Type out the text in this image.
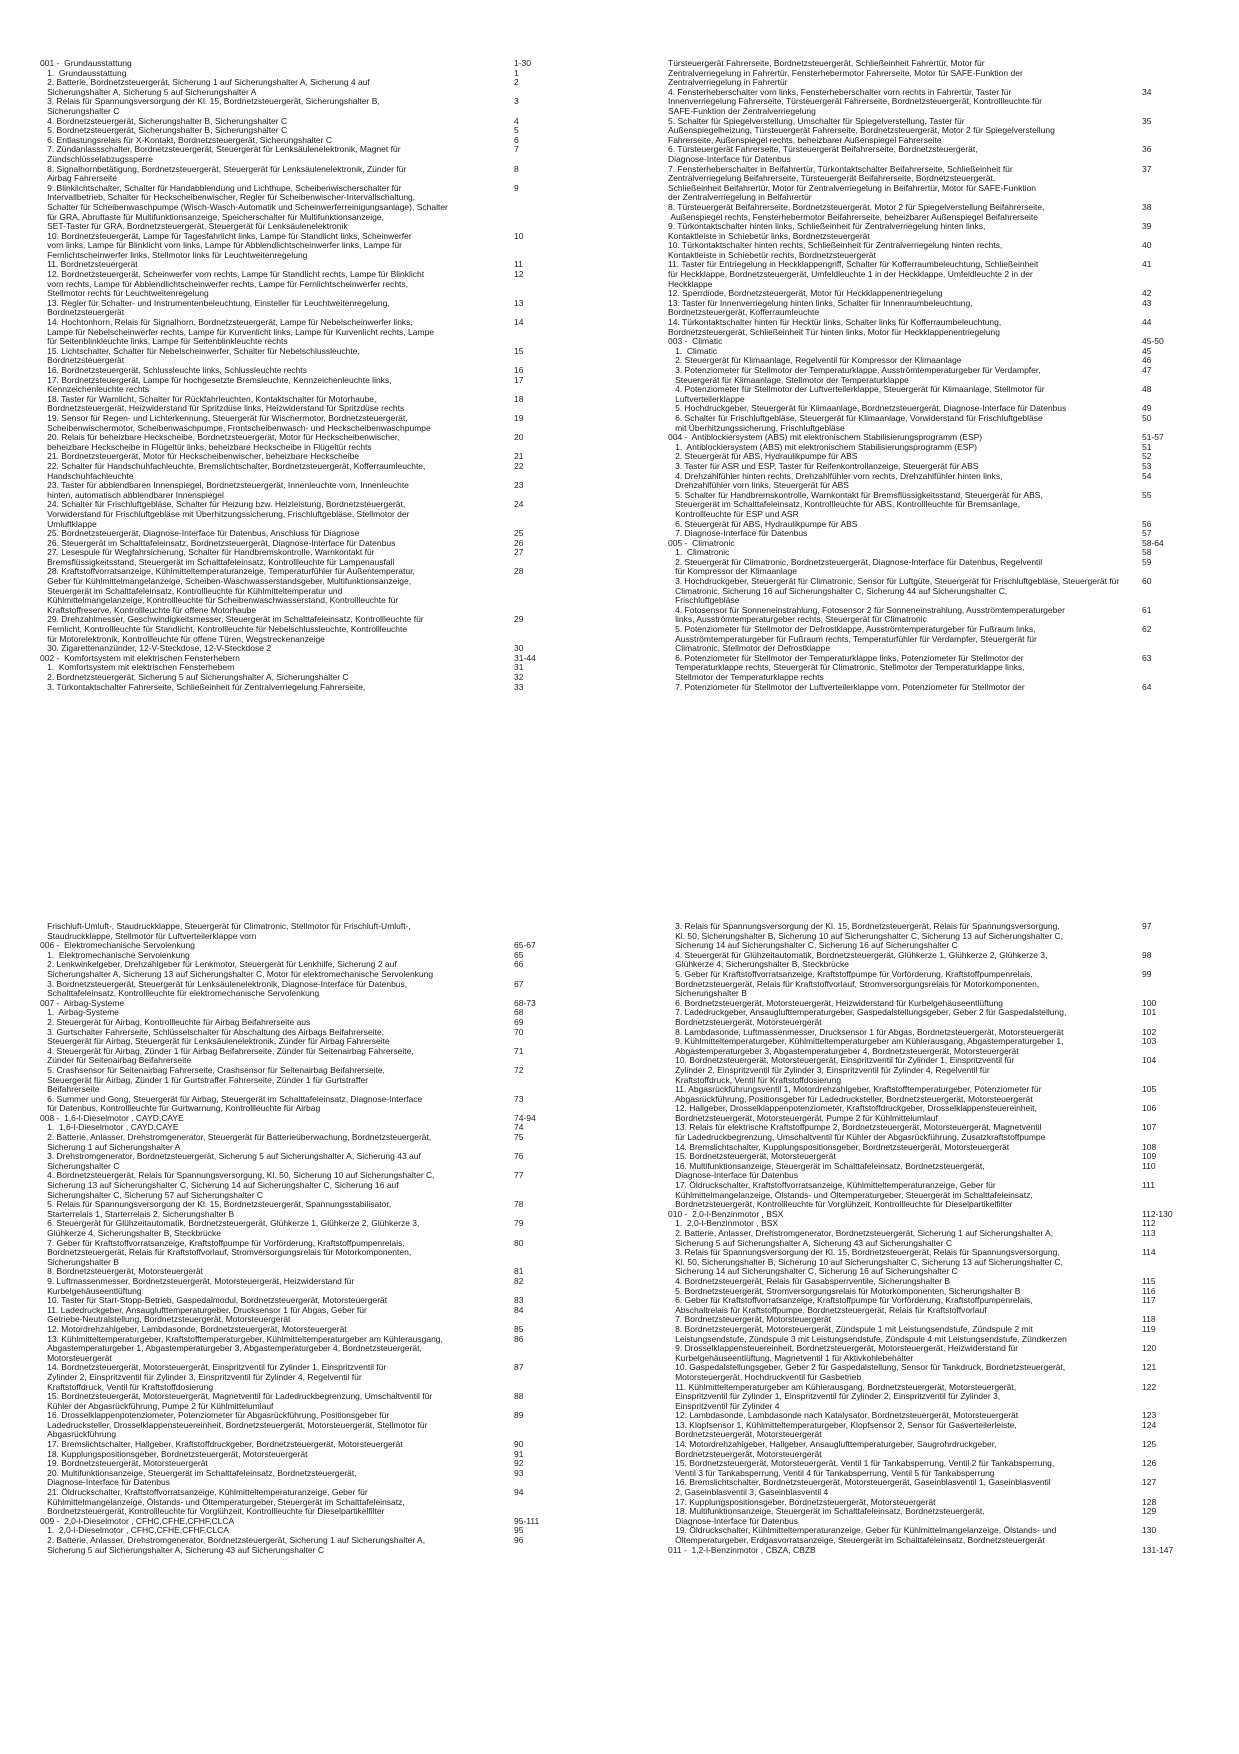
001 -  Grundausstattung	1-30
1.  Grundausstattung	1
2. Batterie, Bordnetzsteuergerät, Sicherung 1 auf Sicherungshalter A, Sicherung 4 auf	2
Sicherungshalter A, Sicherung 5 auf Sicherungshalter A
3. Relais für Spannungsversorgung der Kl. 15, Bordnetzsteuergerät, Sicherungshalter B,	3
Sicherungshalter C
4. Bordnetzsteuergerät, Sicherungshalter B, Sicherungshalter C	4
5. Bordnetzsteuergerät, Sicherungshalter B, Sicherungshalter C	5
6. Entlastungsrelais für X-Kontakt, Bordnetzsteuergerät, Sicherungshalter C	6
7. Zündanlassschalter, Bordnetzsteuergerät, Steuergerät für Lenksäulenelektronik, Magnet für	7
Zündschlüsselabzugssperre
8. Signalhornbetätigung, Bordnetzsteuergerät, Steuergerät für Lenksäulenelektronik, Zünder für	8
Airbag Fahrerseite
9. Blinklichtschalter, Schalter für Handabblendung und Lichthupe, Scheibenwischerschalter für	9
Intervallbetrieb, Schalter für Heckscheibenwischer, Regler für Scheibenwischer-Intervallschaltung,
Schalter für Scheibenwaschpumpe (Wisch-Wasch-Automatik und Scheinwerferreinigungsanlage), Schalter
für GRA, Abruftaste für Multifunktionsanzeige, Speicherschalter für Multifunktionsanzeige,
SET-Taster für GRA, Bordnetzsteuergerät, Steuergerät für Lenksäulenelektronik
10. Bordnetzsteuergerät, Lampe für Tagesfahrlicht links, Lampe für Standlicht links, Scheinwerfer	10
vorn links, Lampe für Blinklicht vorn links, Lampe für Abblendlichtscheinwerfer links, Lampe für
Fernlichtscheinwerfer links, Stellmotor links für Leuchtweitenregelung
11. Bordnetzsteuergerät	11
12. Bordnetzsteuergerät, Scheinwerfer vorn rechts, Lampe für Standlicht rechts, Lampe für Blinklicht	12
vorn rechts, Lampe für Abblendlichtscheinwerfer rechts, Lampe für Fernlichtscheinwerfer rechts,
Stellmotor rechts für Leuchtweitenregelung
13. Regler für Schalter- und Instrumentenbeleuchtung, Einsteller für Leuchtweitenregelung,	13
Bordnetzsteuergerät
14. Hochtonhorn, Relais für Signalhorn, Bordnetzsteuergerät, Lampe für Nebelscheinwerfer links,	14
Lampe für Nebelscheinwerfer rechts, Lampe für Kurvenlicht links, Lampe für Kurvenlicht rechts, Lampe
für Seitenblinkleuchte links, Lampe für Seitenblinkleuchte rechts
15. Lichtschalter, Schalter für Nebelscheinwerfer, Schalter für Nebelschlussleuchte,	15
Bordnetzsteuergerät
16. Bordnetzsteuergerät, Schlussleuchte links, Schlussleuchte rechts	16
17. Bordnetzsteuergerät, Lampe für hochgesetzte Bremsleuchte, Kennzeichenleuchte links,	17
Kennzeichenleuchte rechts
18. Taster für Warnlicht, Schalter für Rückfahrleuchten, Kontaktschalter für Motorhaube,	18
Bordnetzsteuergerät, Heizwiderstand für Spritzdüse links, Heizwiderstand für Spritzdüse rechts
19. Sensor für Regen- und Lichterkennung, Steuergerät für Wischermotor, Bordnetzsteuergerät,	19
Scheibenwischermotor, Scheibenwaschpumpe, Frontscheibenwasch- und Heckscheibenwaschpumpe
20. Relais für beheizbare Heckscheibe, Bordnetzsteuergerät, Motor für Heckscheibenwischer,	20
beheizbare Heckscheibe in Flügeltür links, beheizbare Heckscheibe in Flügeltür rechts
21. Bordnetzsteuergerät, Motor für Heckscheibenwischer, beheizbare Heckscheibe	21
22. Schalter für Handschuhfachleuchte, Bremslichtschalter, Bordnetzsteuergerät, Kofferraumleuchte,	22
Handschuhfachleuchte
23. Taster für abblendbaren Innenspiegel, Bordnetzsteuergerät, Innenleuchte vorn, Innenleuchte	23
hinten, automatisch abblendbarer Innenspiegel
24. Schalter für Frischluftgebläse, Schalter für Heizung bzw. Heizleistung, Bordnetzsteuergerät,	24
Vorwiderstand für Frischluftgebläse mit Überhitzungssicherung, Frischluftgebläse, Stellmotor der
Umluftklappe
25. Bordnetzsteuergerät, Diagnose-Interface für Datenbus, Anschluss für Diagnose	25
26. Steuergerät im Schalttafeleinsatz, Bordnetzsteuergerät, Diagnose-Interface für Datenbus	26
27. Lesespule für Wegfahrsicherung, Schalter für Handbremskontrolle, Warnkontakt für	27
Bremsflüssigkeitsstand, Steuergerät im Schalttafeleinsatz, Kontrollleuchte für Lampenausfall
28. Kraftstoffvorratsanzeige, Kühlmitteltemperaturanzeige, Temperaturfühler für Außentemperatur,	28
Geber für Kühlmittelmangelanzeige, Scheiben-Waschwasserstandsgeber, Multifunktionsanzeige,
Steuergerät im Schalttafeleinsatz, Kontrollleuchte für Kühlmitteltemperatur und
Kühlmittelmangelanzeige, Kontrollleuchte für Scheibenwaschwasserstand, Kontrollleuchte für
Kraftstoffreserve, Kontrollleuchte für offene Motorhaube
29. Drehzahlmesser, Geschwindigkeitsmesser, Steuergerät im Schalttafeleinsatz, Kontrollleuchte für	29
Fernlicht, Kontrollleuchte für Standlicht, Kontrollleuchte für Nebelschlussleuchte, Kontrollleuchte
für Motorelektronik, Kontrollleuchte für offene Türen, Wegstreckenanzeige
30. Zigarettenanzünder, 12-V-Steckdose, 12-V-Steckdose 2	30
002 -  Komfortsystem mit elektrischen Fensterhebern	31-44
1.  Komfortsystem mit elektrischen Fensterhebern	31
2. Bordnetzsteuergerät, Sicherung 5 auf Sicherungshalter A, Sicherungshalter C	32
3. Türkontaktschalter Fahrerseite, Schließeinheit für Zentralverriegelung Fahrerseite,	33
Türsteuergerät Fahrerseite, Bordnetzsteuergerät, Schließeinheit Fahrertür, Motor für
Zentralverriegelung in Fahrertür, Fensterhebermotor Fahrerseite, Motor für SAFE-Funktion der
Zentralverriegelung in Fahrertür
4. Fensterheberschalter vorn links, Fensterheberschalter vorn rechts in Fahrertür, Taster für	34
Innenverriegelung Fahrerseite, Türsteuergerät Fahrerseite, Bordnetzsteuergerät, Kontrollleuchte für
SAFE-Funktion der Zentralverriegelung
5. Schalter für Spiegelverstellung, Umschalter für Spiegelverstellung, Taster für	35
Außenspiegelheizung, Türsteuergerät Fahrerseite, Bordnetzsteuergerät, Motor 2 für Spiegelverstellung
Fahrerseite, Außenspiegel rechts, beheizbarer Außenspiegel Fahrerseite
6. Türsteuergerät Fahrerseite, Türsteuergerät Beifahrerseite, Bordnetzsteuergerät,	36
Diagnose-Interface für Datenbus
7. Fensterheberschalter in Beifahrertür, Türkontaktschalter Beifahrerseite, Schließeinheit für	37
Zentralverriegelung Beifahrerseite, Türsteuergerät Beifahrerseite, Bordnetzsteuergerät,
Schließeinheit Beifahrertür, Motor für Zentralverriegelung in Beifahrertür, Motor für SAFE-Funktion
der Zentralverriegelung in Beifahrertür
8. Türsteuergerät Beifahrerseite, Bordnetzsteuergerät, Motor 2 für Spiegelverstellung Beifahrerseite,	38
Außenspiegel rechts, Fensterhebermotor Beifahrerseite, beheizbarer Außenspiegel Beifahrerseite
9. Türkontaktschalter hinten links, Schließeinheit für Zentralverriegelung hinten links,	39
Kontaktleiste in Schiebetür links, Bordnetzsteuergerät
10. Türkontaktschalter hinten rechts, Schließeinheit für Zentralverriegelung hinten rechts,	40
Kontaktleiste in Schiebetür rechts, Bordnetzsteuergerät
11. Taster für Entriegelung in Heckklappengriff, Schalter für Kofferraumbeleuchtung, Schließeinheit	41
für Heckklappe, Bordnetzsteuergerät, Umfeldleuchte 1 in der Heckklappe, Umfeldleuchte 2 in der
Heckklappe
12. Sperrdiode, Bordnetzsteuergerät, Motor für Heckklappenentriegelung	42
13. Taster für Innenverriegelung hinten links, Schalter für Innenraumbeleuchtung,	43
Bordnetzsteuergerät, Kofferraumleuchte
14. Türkontaktschalter hinten für Hecktür links, Schalter links für Kofferraumbeleuchtung,	44
Bordnetzsteuergerät, Schließeinheit Tür hinten links, Motor für Heckklappenentriegelung
003 -  Climatic	45-50
1.  Climatic	45
2. Steuergerät für Klimaanlage, Regelventil für Kompressor der Klimaanlage	46
3. Potenziometer für Stellmotor der Temperaturklappe, Ausströmtemperaturgeber für Verdampfer,	47
Steuergerät für Klimaanlage, Stellmotor der Temperaturklappe
4. Potenziometer für Stellmotor der Luftverteilerklappe, Steuergerät für Klimaanlage, Stellmotor für	48
Luftverteilerklappe
5. Hochdruckgeber, Steuergerät für Klimaanlage, Bordnetzsteuergerät, Diagnose-Interface für Datenbus	49
6. Schalter für Frischluftgebläse, Steuergerät für Klimaanlage, Vorwiderstand für Frischluftgebläse	50
mit Überhitzungssicherung, Frischluftgebläse
004 -  Antiblockiersystem (ABS) mit elektronischem Stabilisierungsprogramm (ESP)	51-57
1.  Antiblockiersystem (ABS) mit elektronischem Stabilisierungsprogramm (ESP)	51
2. Steuergerät für ABS, Hydraulikpumpe für ABS	52
3. Taster für ASR und ESP, Taster für Reifenkontrollanzeige, Steuergerät für ABS	53
4. Drehzahlfühler hinten rechts, Drehzahlfühler vorn rechts, Drehzahlfühler hinten links,	54
Drehzahlfühler vorn links, Steuergerät für ABS
5. Schalter für Handbremskontrolle, Warnkontakt für Bremsflüssigkeitsstand, Steuergerät für ABS,	55
Steuergerät im Schalttafeleinsatz, Kontrollleuchte für ABS, Kontrollleuchte für Bremsanlage,
Kontrollleuchte für ESP und ASR
6. Steuergerät für ABS, Hydraulikpumpe für ABS	56
7. Diagnose-Interface für Datenbus	57
005 -  Climatronic	58-64
1.  Climatronic	58
2. Steuergerät für Climatronic, Bordnetzsteuergerät, Diagnose-Interface für Datenbus, Regelventil	59
für Kompressor der Klimaanlage
3. Hochdruckgeber, Steuergerät für Climatronic, Sensor für Luftgüte, Steuergerät für Frischluftgebläse, Steuergerät für	60
Climatronic, Sicherung 16 auf Sicherungshalter C, Sicherung 44 auf Sicherungshalter C,
Frischluftgebläse
4. Fotosensor für Sonneneinstrahlung, Fotosensor 2 für Sonneneinstrahlung, Ausströmtemperaturgeber	61
links, Ausströmtemperaturgeber rechts, Steuergerät für Climatronic
5. Potenziometer für Stellmotor der Defrostklappe, Ausströmtemperaturgeber für Fußraum links,	62
Ausströmtemperaturgeber für Fußraum rechts, Temperaturfühler für Verdampfer, Steuergerät für
Climatronic, Stellmotor der Defrostklappe
6. Potenziometer für Stellmotor der Temperaturklappe links, Potenziometer für Stellmotor der	63
Temperaturklappe rechts, Steuergerät für Climatronic, Stellmotor der Temperaturklappe links,
Stellmotor der Temperaturklappe rechts
7. Potenziometer für Stellmotor der Luftverteilerklappe vorn, Potenziometer für Stellmotor der	64
Frischluft-Umluft-, Staudruckklappe, Steuergerät für Climatronic, Stellmotor für Frischluft-Umluft-,
Staudruckklappe, Stellmotor für Luftverteilerklappe vorn
006 -  Elektromechanische Servolenkung	65-67
1.  Elektromechanische Servolenkung	65
2. Lenkwinkelgeber, Drehzahlgeber für Lenkmotor, Steuergerät für Lenkhilfe, Sicherung 2 auf	66
Sicherungshalter A, Sicherung 13 auf Sicherungshalter C, Motor für elektromechanische Servolenkung
3. Bordnetzsteuergerät, Steuergerät für Lenksäulenelektronik, Diagnose-Interface für Datenbus,	67
Schalttafeleinsatz, Kontrollleuchte für elektromechanische Servolenkung
007 -  Airbag-Systeme	68-73
1.  Airbag-Systeme	68
2. Steuergerät für Airbag, Kontrollleuchte für Airbag Beifahrerseite aus	69
3. Gurtschalter Fahrerseite, Schlüsselschalter für Abschaltung des Airbags Beifahrerseite,	70
Steuergerät für Airbag, Steuergerät für Lenksäulenelektronik, Zünder für Airbag Fahrerseite
4. Steuergerät für Airbag, Zünder 1 für Airbag Beifahrerseite, Zünder für Seitenairbag Fahrerseite,	71
Zünder für Seitenairbag Beifahrerseite
5. Crashsensor für Seitenairbag Fahrerseite, Crashsensor für Seitenairbag Beifahrerseite,	72
Steuergerät für Airbag, Zünder 1 für Gurtstraffer Fahrerseite, Zünder 1 für Gurtstraffer
Beifahrerseite
6. Summer und Gong, Steuergerät für Airbag, Steuergerät im Schalttafeleinsatz, Diagnose-Interface	73
für Datenbus, Kontrollleuchte für Gurtwarnung, Kontrollleuchte für Airbag
008 -  1,6-l-Dieselmotor , CAYD,CAYE	74-94
1.  1,6-l-Dieselmotor , CAYD,CAYE	74
2. Batterie, Anlasser, Drehstromgenerator, Steuergerät für Batterieüberwachung, Bordnetzsteuergerät,	75
Sicherung 1 auf Sicherungshalter A
3. Drehstromgenerator, Bordnetzsteuergerät, Sicherung 5 auf Sicherungshalter A, Sicherung 43 auf	76
Sicherungshalter C
4. Bordnetzsteuergerät, Relais für Spannungsversorgung, Kl. 50, Sicherung 10 auf Sicherungshalter C,	77
Sicherung 13 auf Sicherungshalter C, Sicherung 14 auf Sicherungshalter C, Sicherung 16 auf
Sicherungshalter C, Sicherung 57 auf Sicherungshalter C
5. Relais für Spannungsversorgung der Kl. 15, Bordnetzsteuergerät, Spannungsstabilisator,	78
Starterrelais 1, Starterrelais 2, Sicherungshalter B
6. Steuergerät für Glühzeitautomatik, Bordnetzsteuergerät, Glühkerze 1, Glühkerze 2, Glühkerze 3,	79
Glühkerze 4, Sicherungshalter B, Steckbrücke
7. Geber für Kraftstoffvorratsanzeige, Kraftstoffpumpe für Vorförderung, Kraftstoffpumpenrelais,	80
Bordnetzsteuergerät, Relais für Kraftstoffvorlauf, Stromversorgungsrelais für Motorkomponenten,
Sicherungshalter B
8. Bordnetzsteuergerät, Motorsteuergerät	81
9. Luftmassenmesser, Bordnetzsteuergerät, Motorsteuergerät, Heizwiderstand für	82
Kurbelgehäuseentlüftung
10. Taster für Start-Stopp-Betrieb, Gaspedalmodul, Bordnetzsteuergerät, Motorsteuergerät	83
11. Ladedruckgeber, Ansauglufttemperaturgeber, Drucksensor 1 für Abgas, Geber für	84
Getriebe-Neutralstellung, Bordnetzsteuergerät, Motorsteuergerät
12. Motordrehzahlgeber, Lambdasonde, Bordnetzsteuergerät, Motorsteuergerät	85
13. Kühlmitteltemperaturgeber, Kraftstofftemperaturgeber, Kühlmitteltemperaturgeber am Kühlerausgang,	86
Abgastemperaturgeber 1, Abgastemperaturgeber 3, Abgastemperaturgeber 4, Bordnetzsteuergerät,
Motorsteuergerät
14. Bordnetzsteuergerät, Motorsteuergerät, Einspritzventil für Zylinder 1, Einspritzventil für	87
Zylinder 2, Einspritzventil für Zylinder 3, Einspritzventil für Zylinder 4, Regelventil für
Kraftstoffdruck, Ventil für Kraftstoffdosierung
15. Bordnetzsteuergerät, Motorsteuergerät, Magnetventil für Ladedruckbegrenzung, Umschaltventil für	88
Kühler der Abgasrückführung, Pumpe 2 für Kühlmittelumlauf
16. Drosselklappenpotenziometer, Potenziometer für Abgasrückführung, Positionsgeber für	89
Ladedrucksteller, Drosselklappensteuereinheit, Bordnetzsteuergerät, Motorsteuergerät, Stellmotor für
Abgasrückführung
17. Bremslichtschalter, Hallgeber, Kraftstoffdruckgeber, Bordnetzsteuergerät, Motorsteuergerät	90
18. Kupplungspositionsgeber, Bordnetzsteuergerät, Motorsteuergerät	91
19. Bordnetzsteuergerät, Motorsteuergerät	92
20. Multifunktionsanzeige, Steuergerät im Schalttafeleinsatz, Bordnetzsteuergerät,	93
Diagnose-Interface für Datenbus
21. Öldruckschalter, Kraftstoffvorratsanzeige, Kühlmitteltemperaturanzeige, Geber für	94
Kühlmittelmangelanzeige, Ölstands- und Öltemperaturgeber, Steuergerät im Schalttafeleinsatz,
Bordnetzsteuergerät, Kontrollleuchte für Vorglühzeit, Kontrollleuchte für Dieselpartikelfilter
009 -  2,0-l-Dieselmotor , CFHC,CFHE,CFHF,CLCA	95-111
1.  2,0-l-Dieselmotor , CFHC,CFHE,CFHF,CLCA	95
2. Batterie, Anlasser, Drehstromgenerator, Bordnetzsteuergerät, Sicherung 1 auf Sicherungshalter A,	96
Sicherung 5 auf Sicherungshalter A, Sicherung 43 auf Sicherungshalter C
3. Relais für Spannungsversorgung der Kl. 15, Bordnetzsteuergerät, Relais für Spannungsversorgung,	97
Kl. 50, Sicherungshalter B, Sicherung 10 auf Sicherungshalter C, Sicherung 13 auf Sicherungshalter C,
Sicherung 14 auf Sicherungshalter C, Sicherung 16 auf Sicherungshalter C
4. Steuergerät für Glühzeitautomatik, Bordnetzsteuergerät, Glühkerze 1, Glühkerze 2, Glühkerze 3,	98
Glühkerze 4, Sicherungshalter B, Steckbrücke
5. Geber für Kraftstoffvorratsanzeige, Kraftstoffpumpe für Vorförderung, Kraftstoffpumpenrelais,	99
Bordnetzsteuergerät, Relais für Kraftstoffvorlauf, Stromversorgungsrelais für Motorkomponenten,
Sicherungshalter B
6. Bordnetzsteuergerät, Motorsteuergerät, Heizwiderstand für Kurbelgehäuseentlüftung	100
7. Ladedruckgeber, Ansauglufttemperaturgeber, Gaspedalstellungsgeber, Geber 2 für Gaspedalstellung,	101
Bordnetzsteuergerät, Motorsteuergerät
8. Lambdasonde, Luftmassenmesser, Drucksensor 1 für Abgas, Bordnetzsteuergerät, Motorsteuergerät	102
9. Kühlmitteltemperaturgeber, Kühlmitteltemperaturgeber am Kühlerausgang, Abgastemperaturgeber 1,	103
Abgastemperaturgeber 3, Abgastemperaturgeber 4, Bordnetzsteuergerät, Motorsteuergerät
10. Bordnetzsteuergerät, Motorsteuergerät, Einspritzventil für Zylinder 1, Einspritzventil für	104
Zylinder 2, Einspritzventil für Zylinder 3, Einspritzventil für Zylinder 4, Regelventil für
Kraftstoffdruck, Ventil für Kraftstoffdosierung
11. Abgasrückführungsventil 1, Motordrehzahlgeber, Kraftstofftemperaturgeber, Potenziometer für	105
Abgasrückführung, Positionsgeber für Ladedrucksteller, Bordnetzsteuergerät, Motorsteuergerät
12. Hallgeber, Drosselklappenpotenziometer, Kraftstoffdruckgeber, Drosselklappensteuereinheit,	106
Bordnetzsteuergerät, Motorsteuergerät, Pumpe 2 für Kühlmittelumlauf
13. Relais für elektrische Kraftstoffpumpe 2, Bordnetzsteuergerät, Motorsteuergerät, Magnetventil	107
für Ladedruckbegrenzung, Umschaltventil für Kühler der Abgasrückführung, Zusatzkraftstoffpumpe
14. Bremslichtschalter, Kupplungspositionsgeber, Bordnetzsteuergerät, Motorsteuergerät	108
15. Bordnetzsteuergerät, Motorsteuergerät	109
16. Multifunktionsanzeige, Steuergerät im Schalttafeleinsatz, Bordnetzsteuergerät,	110
Diagnose-Interface für Datenbus
17. Öldruckschalter, Kraftstoffvorratsanzeige, Kühlmitteltemperaturanzeige, Geber für	111
Kühlmittelmangelanzeige, Ölstands- und Öltemperaturgeber, Steuergerät im Schalttafeleinsatz,
Bordnetzsteuergerät, Kontrollleuchte für Vorglühzeit, Kontrollleuchte für Dieselpartikelfilter
010 -  2,0-l-Benzinmotor , BSX	112-130
1.  2,0-l-Benzinmotor , BSX	112
2. Batterie, Anlasser, Drehstromgenerator, Bordnetzsteuergerät, Sicherung 1 auf Sicherungshalter A,	113
Sicherung 5 auf Sicherungshalter A, Sicherung 43 auf Sicherungshalter C
3. Relais für Spannungsversorgung der Kl. 15, Bordnetzsteuergerät, Relais für Spannungsversorgung,	114
Kl. 50, Sicherungshalter B, Sicherung 10 auf Sicherungshalter C, Sicherung 13 auf Sicherungshalter C,
Sicherung 14 auf Sicherungshalter C, Sicherung 16 auf Sicherungshalter C
4. Bordnetzsteuergerät, Relais für Gasabsperrventile, Sicherungshalter B	115
5. Bordnetzsteuergerät, Stromversorgungsrelais für Motorkomponenten, Sicherungshalter B	116
6. Geber für Kraftstoffvorratsanzeige, Kraftstoffpumpe für Vorförderung, Kraftstoffpumpenrelais,	117
Abschaltrelais für Kraftstoffpumpe, Bordnetzsteuergerät, Relais für Kraftstoffvorlauf
7. Bordnetzsteuergerät, Motorsteuergerät	118
8. Bordnetzsteuergerät, Motorsteuergerät, Zündspule 1 mit Leistungsendstufe, Zündspule 2 mit	119
Leistungsendstufe, Zündspule 3 mit Leistungsendstufe, Zündspule 4 mit Leistungsendstufe, Zündkerzen
9. Drosselklappensteuereinheit, Bordnetzsteuergerät, Motorsteuergerät, Heizwiderstand für	120
Kurbelgehäuseentlüftung, Magnetventil 1 für Aktivkohlebehälter
10. Gaspedalstellungsgeber, Geber 2 für Gaspedalstellung, Sensor für Tankdruck, Bordnetzsteuergerät,	121
Motorsteuergerät, Hochdruckventil für Gasbetrieb
11. Kühlmitteltemperaturgeber am Kühlerausgang, Bordnetzsteuergerät, Motorsteuergerät,	122
Einspritzventil für Zylinder 1, Einspritzventil für Zylinder 2, Einspritzventil für Zylinder 3,
Einspritzventil für Zylinder 4
12. Lambdasonde, Lambdasonde nach Katalysator, Bordnetzsteuergerät, Motorsteuergerät	123
13. Klopfsensor 1, Kühlmitteltemperaturgeber, Klopfsensor 2, Sensor für Gasverteilerleiste,	124
Bordnetzsteuergerät, Motorsteuergerät
14. Motordrehzahlgeber, Hallgeber, Ansauglufttemperaturgeber, Saugrohrdruckgeber,	125
Bordnetzsteuergerät, Motorsteuergerät
15. Bordnetzsteuergerät, Motorsteuergerät, Ventil 1 für Tankabsperrung, Ventil 2 für Tankabsperrung,	126
Ventil 3 für Tankabsperrung, Ventil 4 für Tankabsperrung, Ventil 5 für Tankabsperrung
16. Bremslichtschalter, Bordnetzsteuergerät, Motorsteuergerät, Gaseinblasventil 1, Gaseinblasventil	127
2, Gaseinblasventil 3, Gaseinblasventil 4
17. Kupplungspositionsgeber, Bordnetzsteuergerät, Motorsteuergerät	128
18. Multifunktionsanzeige, Steuergerät im Schalttafeleinsatz, Bordnetzsteuergerät,	129
Diagnose-Interface für Datenbus
19. Öldruckschalter, Kühlmitteltemperaturanzeige, Geber für Kühlmittelmangelanzeige, Ölstands- und	130
Öltemperaturgeber, Erdgasvorratsanzeige, Steuergerät im Schalttafeleinsatz, Bordnetzsteuergerät
011 -  1,2-l-Benzinmotor , CBZA, CBZB	131-147
